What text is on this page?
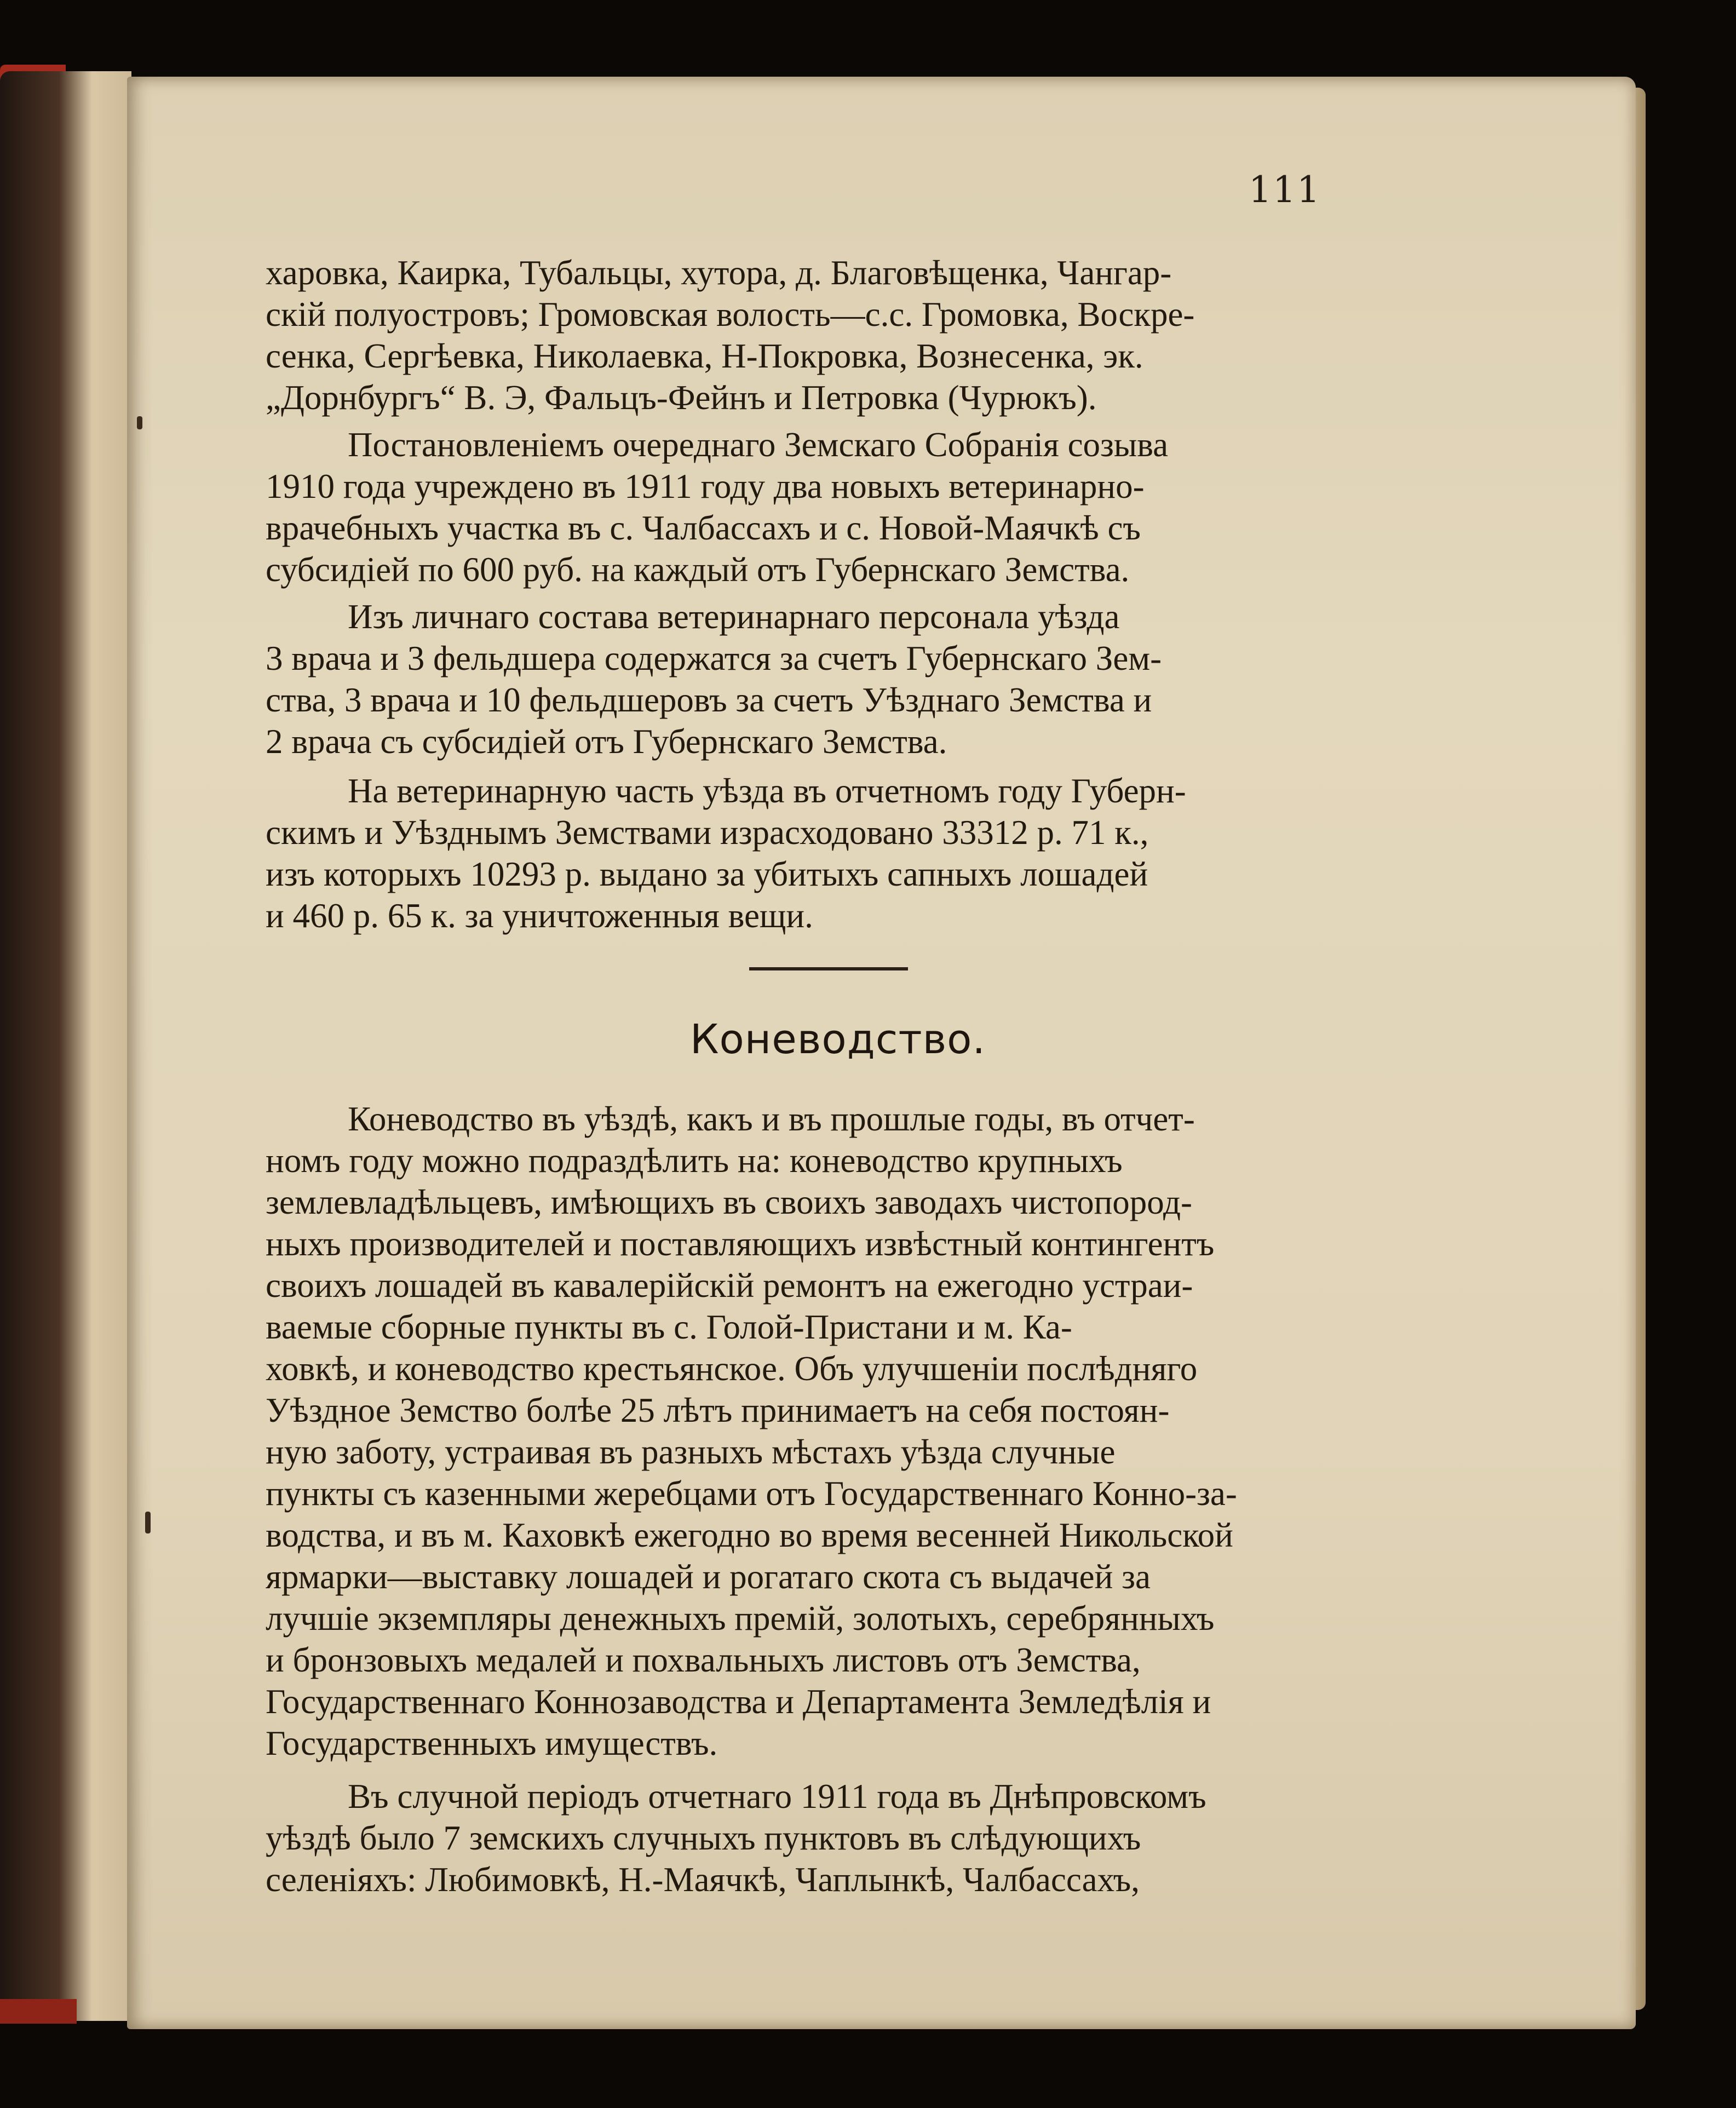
111
харовка, Каирка, Тубальцы, хутора, д. Благовѣщенка, Чангар-
скій полуостровъ; Громовская волость—с.с. Громовка, Воскре-
сенка, Сергѣевка, Николаевка, Н-Покровка, Вознесенка, эк.
„Дорнбургъ“ В. Э, Фальцъ-Фейнъ и Петровка (Чурюкъ).
Постановленіемъ очереднаго Земскаго Собранія созыва
1910 года учреждено въ 1911 году два новыхъ ветеринарно-
врачебныхъ участка въ с. Чалбассахъ и с. Новой-Маячкѣ съ
субсидіей по 600 руб. на каждый отъ Губернскаго Земства.
Изъ личнаго состава ветеринарнаго персонала уѣзда
3 врача и 3 фельдшера содержатся за счетъ Губернскаго Зем-
ства, 3 врача и 10 фельдшеровъ за счетъ Уѣзднаго Земства и
2 врача съ субсидіей отъ Губернскаго Земства.
На ветеринарную часть уѣзда въ отчетномъ году Губерн-
скимъ и Уѣзднымъ Земствами израсходовано 33312 р. 71 к.,
изъ которыхъ 10293 р. выдано за убитыхъ сапныхъ лошадей
и 460 р. 65 к. за уничтоженныя вещи.
Коневодство.
Коневодство въ уѣздѣ, какъ и въ прошлые годы, въ отчет-
номъ году можно подраздѣлить на: коневодство крупныхъ
землевладѣльцевъ, имѣющихъ въ своихъ заводахъ чистопород-
ныхъ производителей и поставляющихъ извѣстный контингентъ
своихъ лошадей въ кавалерійскій ремонтъ на ежегодно устраи-
ваемые сборные пункты въ с. Голой-Пристани и м. Ка-
ховкѣ, и коневодство крестьянское. Объ улучшеніи послѣдняго
Уѣздное Земство болѣе 25 лѣтъ принимаетъ на себя постоян-
ную заботу, устраивая въ разныхъ мѣстахъ уѣзда случные
пункты съ казенными жеребцами отъ Государственнаго Конно-за-
водства, и въ м. Каховкѣ ежегодно во время весенней Никольской
ярмарки—выставку лошадей и рогатаго скота съ выдачей за
лучшіе экземпляры денежныхъ премій, золотыхъ, серебрянныхъ
и бронзовыхъ медалей и похвальныхъ листовъ отъ Земства,
Государственнаго Коннозаводства и Департамента Земледѣлія и
Государственныхъ имуществъ.
Въ случной періодъ отчетнаго 1911 года въ Днѣпровскомъ
уѣздѣ было 7 земскихъ случныхъ пунктовъ въ слѣдующихъ
селеніяхъ: Любимовкѣ, Н.-Маячкѣ, Чаплынкѣ, Чалбассахъ,
